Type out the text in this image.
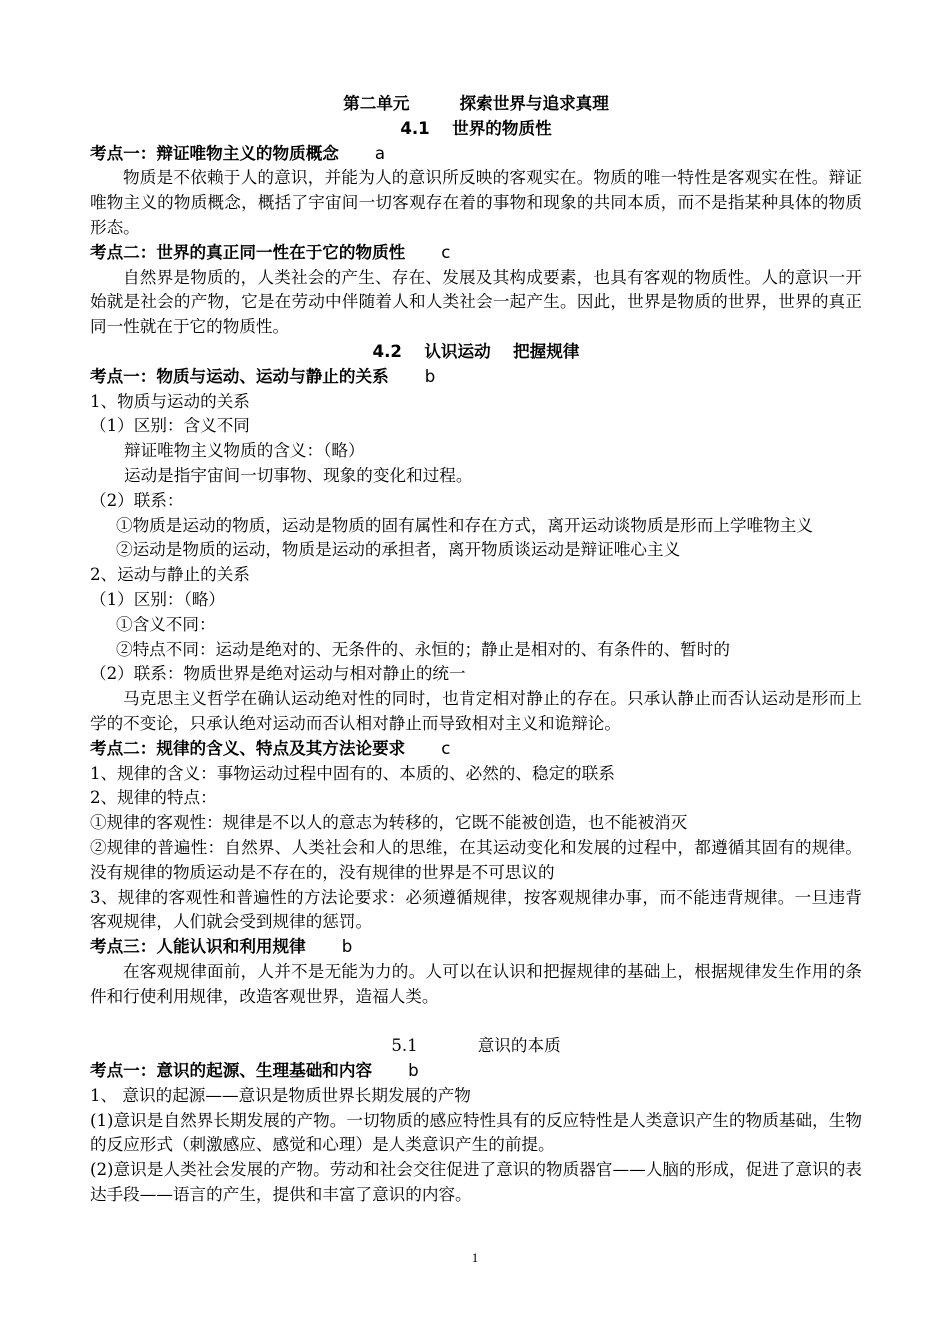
第二单元	探索世界与追求真理
4.1　 世界的物质性
考点一：辩证唯物主义的物质概念 a
物质是不依赖于人的意识，并能为人的意识所反映的客观实在。物质的唯一特性是客观实在性。辩证唯物主义的物质概念，概括了宇宙间一切客观存在着的事物和现象的共同本质，而不是指某种具体的物质形态。
考点二：世界的真正同一性在于它的物质性 c
自然界是物质的，人类社会的产生、存在、发展及其构成要素，也具有客观的物质性。人的意识一开始就是社会的产物，它是在劳动中伴随着人和人类社会一起产生。因此，世界是物质的世界，世界的真正同一性就在于它的物质性。
4.2　 认识运动　 把握规律
考点一：物质与运动、运动与静止的关系 b
1、物质与运动的关系
（1）区别：含义不同
辩证唯物主义物质的含义：（略）
运动是指宇宙间一切事物、现象的变化和过程。
（2）联系：
①物质是运动的物质，运动是物质的固有属性和存在方式，离开运动谈物质是形而上学唯物主义
②运动是物质的运动，物质是运动的承担者，离开物质谈运动是辩证唯心主义
2、运动与静止的关系
（1）区别：（略）
①含义不同：
②特点不同：运动是绝对的、无条件的、永恒的；静止是相对的、有条件的、暂时的
（2）联系：物质世界是绝对运动与相对静止的统一
马克思主义哲学在确认运动绝对性的同时，也肯定相对静止的存在。只承认静止而否认运动是形而上学的不变论，只承认绝对运动而否认相对静止而导致相对主义和诡辩论。
考点二：规律的含义、特点及其方法论要求 c
1、规律的含义：事物运动过程中固有的、本质的、必然的、稳定的联系
2、规律的特点：
①规律的客观性：规律是不以人的意志为转移的，它既不能被创造，也不能被消灭
②规律的普遍性：自然界、人类社会和人的思维，在其运动变化和发展的过程中，都遵循其固有的规律。没有规律的物质运动是不存在的，没有规律的世界是不可思议的
3、规律的客观性和普遍性的方法论要求：必须遵循规律，按客观规律办事，而不能违背规律。一旦违背客观规律，人们就会受到规律的惩罚。
考点三：人能认识和利用规律 b
在客观规律面前，人并不是无能为力的。人可以在认识和把握规律的基础上，根据规律发生作用的条件和行使利用规律，改造客观世界，造福人类。
5.1	意识的本质
考点一：意识的起源、生理基础和内容 b
1、 意识的起源——意识是物质世界长期发展的产物
(1)意识是自然界长期发展的产物。一切物质的感应特性具有的反应特性是人类意识产生的物质基础，生物的反应形式（刺激感应、感觉和心理）是人类意识产生的前提。
(2)意识是人类社会发展的产物。劳动和社会交往促进了意识的物质器官——人脑的形成，促进了意识的表达手段——语言的产生，提供和丰富了意识的内容。
1
